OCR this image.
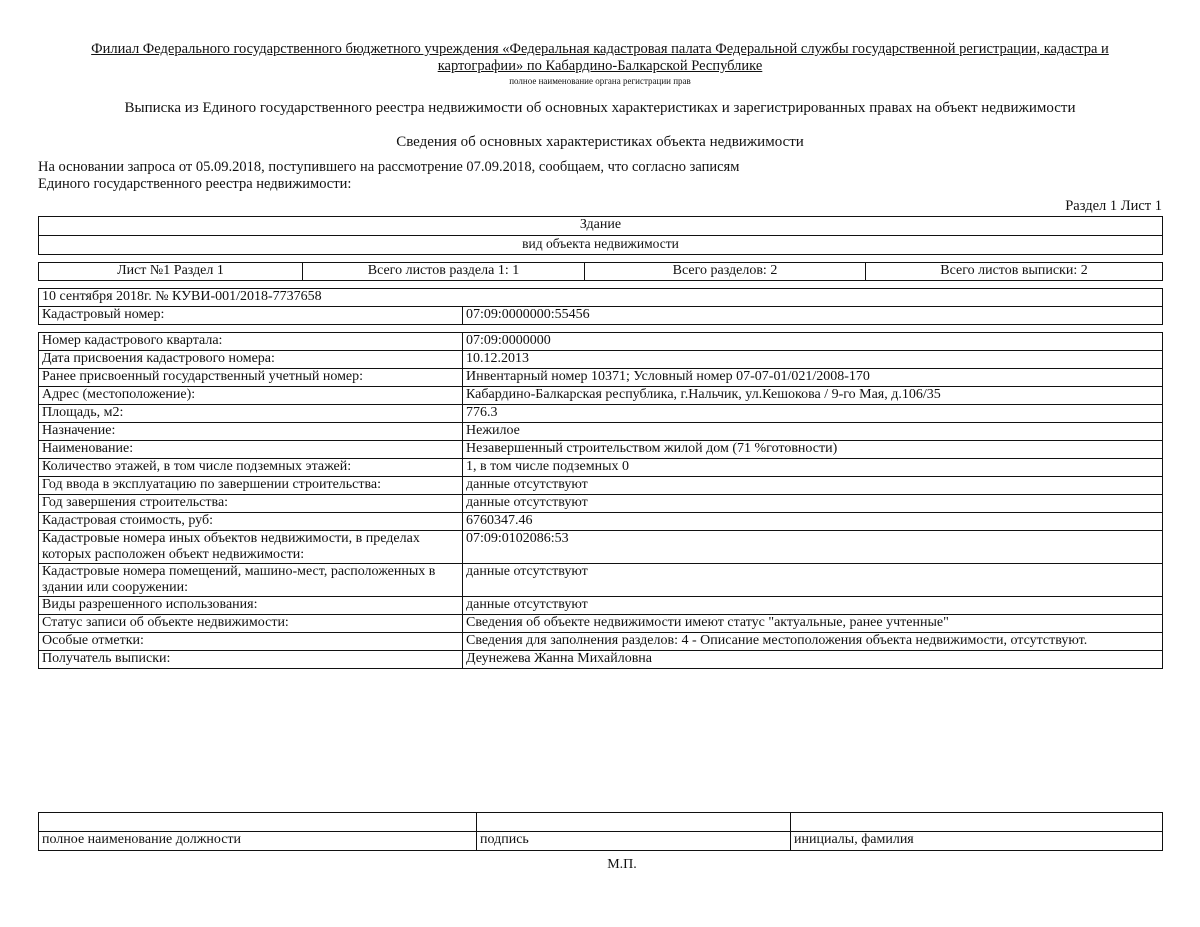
Филиал Федерального государственного бюджетного учреждения «Федеральная кадастровая палата Федеральной службы государственной регистрации, кадастра и картографии» по Кабардино-Балкарской Республике
полное наименование органа регистрации прав
Выписка из Единого государственного реестра недвижимости об основных характеристиках и зарегистрированных правах на объект недвижимости
Сведения об основных характеристиках объекта недвижимости
На основании запроса от 05.09.2018, поступившего на рассмотрение 07.09.2018, сообщаем, что согласно записям
Единого государственного реестра недвижимости:
Раздел 1 Лист 1
Здание
вид объекта недвижимости
Лист №1 Раздел 1	Всего листов раздела 1: 1	Всего разделов: 2	Всего листов выписки: 2
10 сентября 2018г. № КУВИ-001/2018-7737658
Кадастровый номер:	07:09:0000000:55456
Номер кадастрового квартала:	07:09:0000000
Дата присвоения кадастрового номера:	10.12.2013
Ранее присвоенный государственный учетный номер:	Инвентарный номер 10371; Условный номер 07-07-01/021/2008-170
Адрес (местоположение):	Кабардино-Балкарская республика, г.Нальчик, ул.Кешокова / 9-го Мая, д.106/35
Площадь, м2:	776.3
Назначение:	Нежилое
Наименование:	Незавершенный строительством жилой дом (71 %готовности)
Количество этажей, в том числе подземных этажей:	1, в том числе подземных 0
Год ввода в эксплуатацию по завершении строительства:	данные отсутствуют
Год завершения строительства:	данные отсутствуют
Кадастровая стоимость, руб:	6760347.46
Кадастровые номера иных объектов недвижимости, в пределах которых расположен объект недвижимости:	07:09:0102086:53
Кадастровые номера помещений, машино-мест, расположенных в здании или сооружении:	данные отсутствуют
Виды разрешенного использования:	данные отсутствуют
Статус записи об объекте недвижимости:	Сведения об объекте недвижимости имеют статус "актуальные, ранее учтенные"
Особые отметки:	Сведения для заполнения разделов: 4 - Описание местоположения объекта недвижимости, отсутствуют.
Получатель выписки:	Деунежева Жанна Михайловна

полное наименование должности	подпись	инициалы, фамилия
М.П.
